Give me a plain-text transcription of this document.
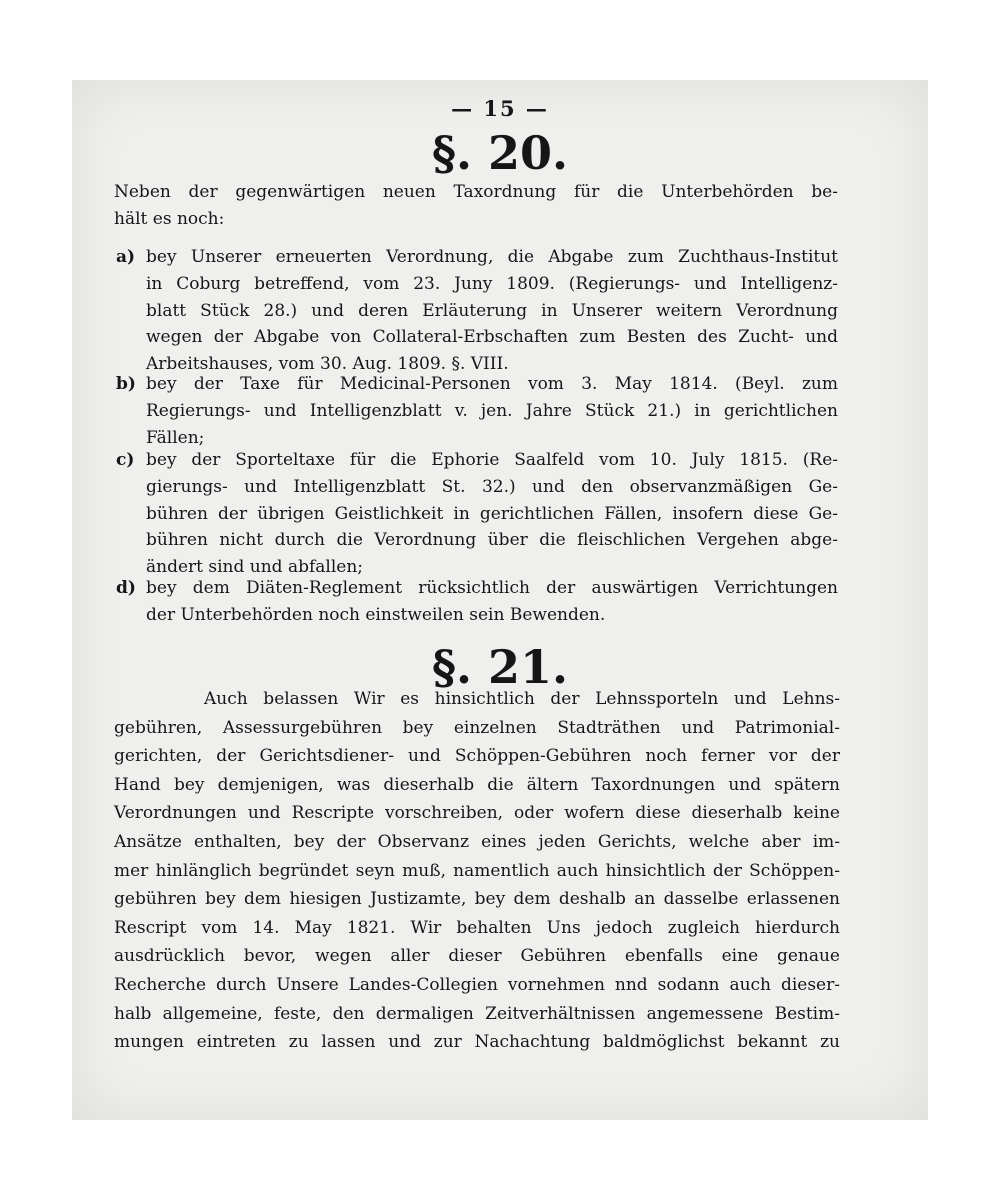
— 15 —
§. 20.
Neben der gegenwärtigen neuen Taxordnung für die Unterbehörden be-
hält es noch:
a) bey Unserer erneuerten Verordnung, die Abgabe zum Zuchthaus-Institut
in Coburg betreffend, vom 23. Juny 1809. (Regierungs- und Intelligenz-
blatt Stück 28.) und deren Erläuterung in Unserer weitern Verordnung
wegen der Abgabe von Collateral-Erbschaften zum Besten des Zucht- und
Arbeitshauses, vom 30. Aug. 1809. §. VIII.
b) bey der Taxe für Medicinal-Personen vom 3. May 1814. (Beyl. zum
Regierungs- und Intelligenzblatt v. jen. Jahre Stück 21.) in gerichtlichen
Fällen;
c) bey der Sporteltaxe für die Ephorie Saalfeld vom 10. July 1815. (Re-
gierungs- und Intelligenzblatt St. 32.) und den observanzmäßigen Ge-
bühren der übrigen Geistlichkeit in gerichtlichen Fällen, insofern diese Ge-
bühren nicht durch die Verordnung über die fleischlichen Vergehen abge-
ändert sind und abfallen;
d) bey dem Diäten-Reglement rücksichtlich der auswärtigen Verrichtungen
der Unterbehörden noch einstweilen sein Bewenden.
§. 21.
Auch belassen Wir es hinsichtlich der Lehnssporteln und Lehns-
gebühren, Assessurgebühren bey einzelnen Stadträthen und Patrimonial-
gerichten, der Gerichtsdiener- und Schöppen-Gebühren noch ferner vor der
Hand bey demjenigen, was dieserhalb die ältern Taxordnungen und spätern
Verordnungen und Rescripte vorschreiben, oder wofern diese dieserhalb keine
Ansätze enthalten, bey der Observanz eines jeden Gerichts, welche aber im-
mer hinlänglich begründet seyn muß, namentlich auch hinsichtlich der Schöppen-
gebühren bey dem hiesigen Justizamte, bey dem deshalb an dasselbe erlassenen
Rescript vom 14. May 1821. Wir behalten Uns jedoch zugleich hierdurch
ausdrücklich bevor, wegen aller dieser Gebühren ebenfalls eine genaue
Recherche durch Unsere Landes-Collegien vornehmen nnd sodann auch dieser-
halb allgemeine, feste, den dermaligen Zeitverhältnissen angemessene Bestim-
mungen eintreten zu lassen und zur Nachachtung baldmöglichst bekannt zu
